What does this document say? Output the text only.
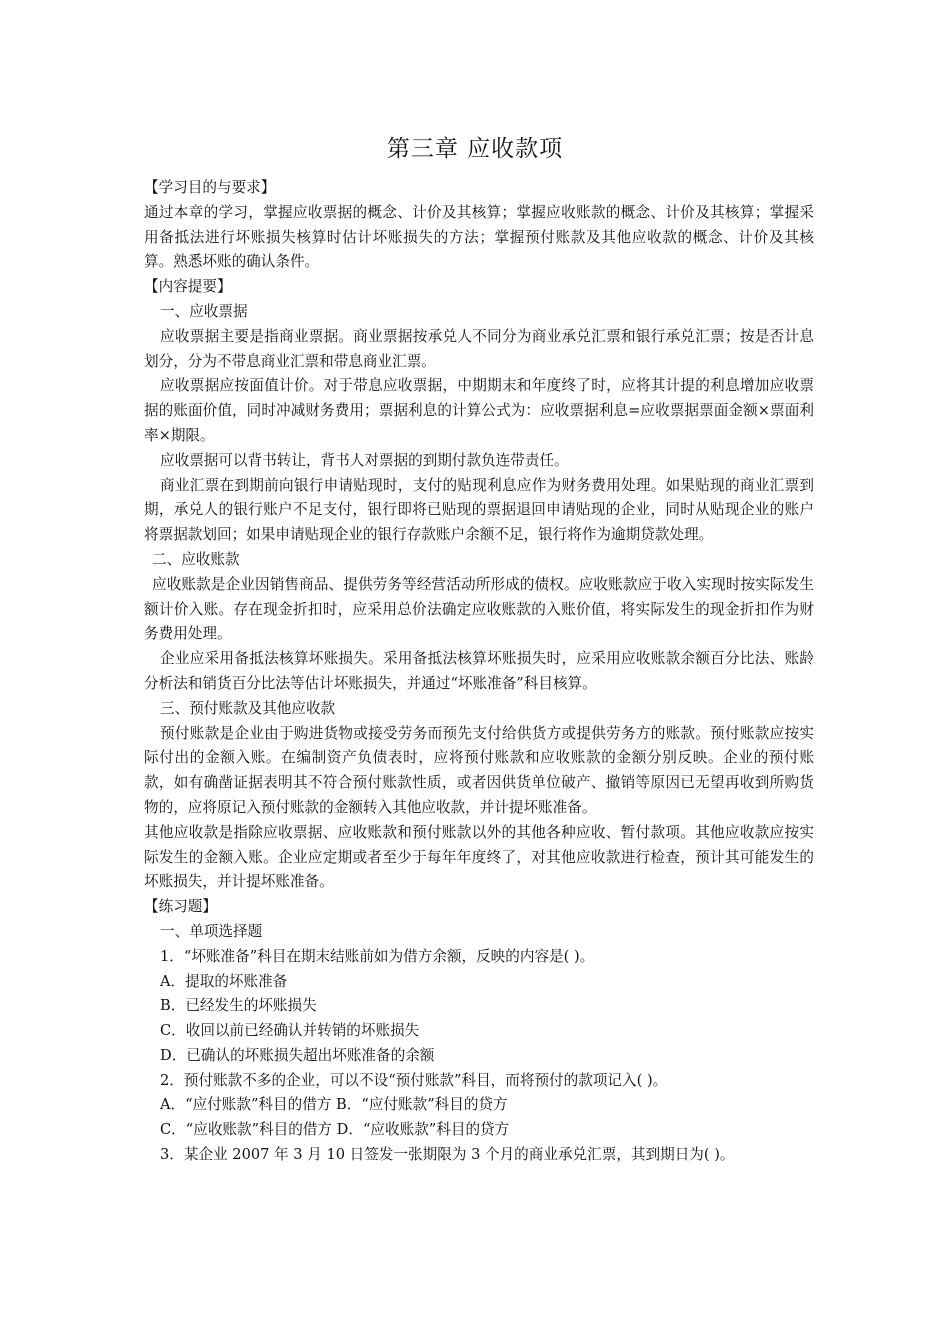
第三章 应收款项

【学习目的与要求】

通过本章的学习，掌握应收票据的概念、计价及其核算；掌握应收账款的概念、计价及其核算；掌握采用备抵法进行坏账损失核算时估计坏账损失的方法；掌握预付账款及其他应收款的概念、计价及其核算。熟悉坏账的确认条件。

【内容提要】

一、应收票据

应收票据主要是指商业票据。商业票据按承兑人不同分为商业承兑汇票和银行承兑汇票；按是否计息划分，分为不带息商业汇票和带息商业汇票。

应收票据应按面值计价。对于带息应收票据，中期期末和年度终了时，应将其计提的利息增加应收票据的账面价值，同时冲减财务费用；票据利息的计算公式为：应收票据利息=应收票据票面金额×票面利率×期限。

应收票据可以背书转让，背书人对票据的到期付款负连带责任。

商业汇票在到期前向银行申请贴现时，支付的贴现利息应作为财务费用处理。如果贴现的商业汇票到期，承兑人的银行账户不足支付，银行即将已贴现的票据退回申请贴现的企业，同时从贴现企业的账户将票据款划回；如果申请贴现企业的银行存款账户余额不足，银行将作为逾期贷款处理。

二、应收账款

应收账款是企业因销售商品、提供劳务等经营活动所形成的债权。应收账款应于收入实现时按实际发生额计价入账。存在现金折扣时，应采用总价法确定应收账款的入账价值，将实际发生的现金折扣作为财务费用处理。

企业应采用备抵法核算坏账损失。采用备抵法核算坏账损失时，应采用应收账款余额百分比法、账龄分析法和销货百分比法等估计坏账损失，并通过“坏账准备”科目核算。

三、预付账款及其他应收款

预付账款是企业由于购进货物或接受劳务而预先支付给供货方或提供劳务方的账款。预付账款应按实际付出的金额入账。在编制资产负债表时，应将预付账款和应收账款的金额分别反映。企业的预付账款，如有确凿证据表明其不符合预付账款性质，或者因供货单位破产、撤销等原因已无望再收到所购货物的，应将原记入预付账款的金额转入其他应收款，并计提坏账准备。

其他应收款是指除应收票据、应收账款和预付账款以外的其他各种应收、暂付款项。其他应收款应按实际发生的金额入账。企业应定期或者至少于每年年度终了，对其他应收款进行检查，预计其可能发生的坏账损失，并计提坏账准备。

【练习题】

一、单项选择题

1．“坏账准备”科目在期末结账前如为借方余额，反映的内容是( )。

A．提取的坏账准备

B．已经发生的坏账损失

C．收回以前已经确认并转销的坏账损失

D．已确认的坏账损失超出坏账准备的余额

2．预付账款不多的企业，可以不设“预付账款”科目，而将预付的款项记入( )。

A．“应付账款”科目的借方 B．“应付账款”科目的贷方

C．“应收账款”科目的借方 D．“应收账款”科目的贷方

3．某企业 2007 年 3 月 10 日签发一张期限为 3 个月的商业承兑汇票，其到期日为( )。
